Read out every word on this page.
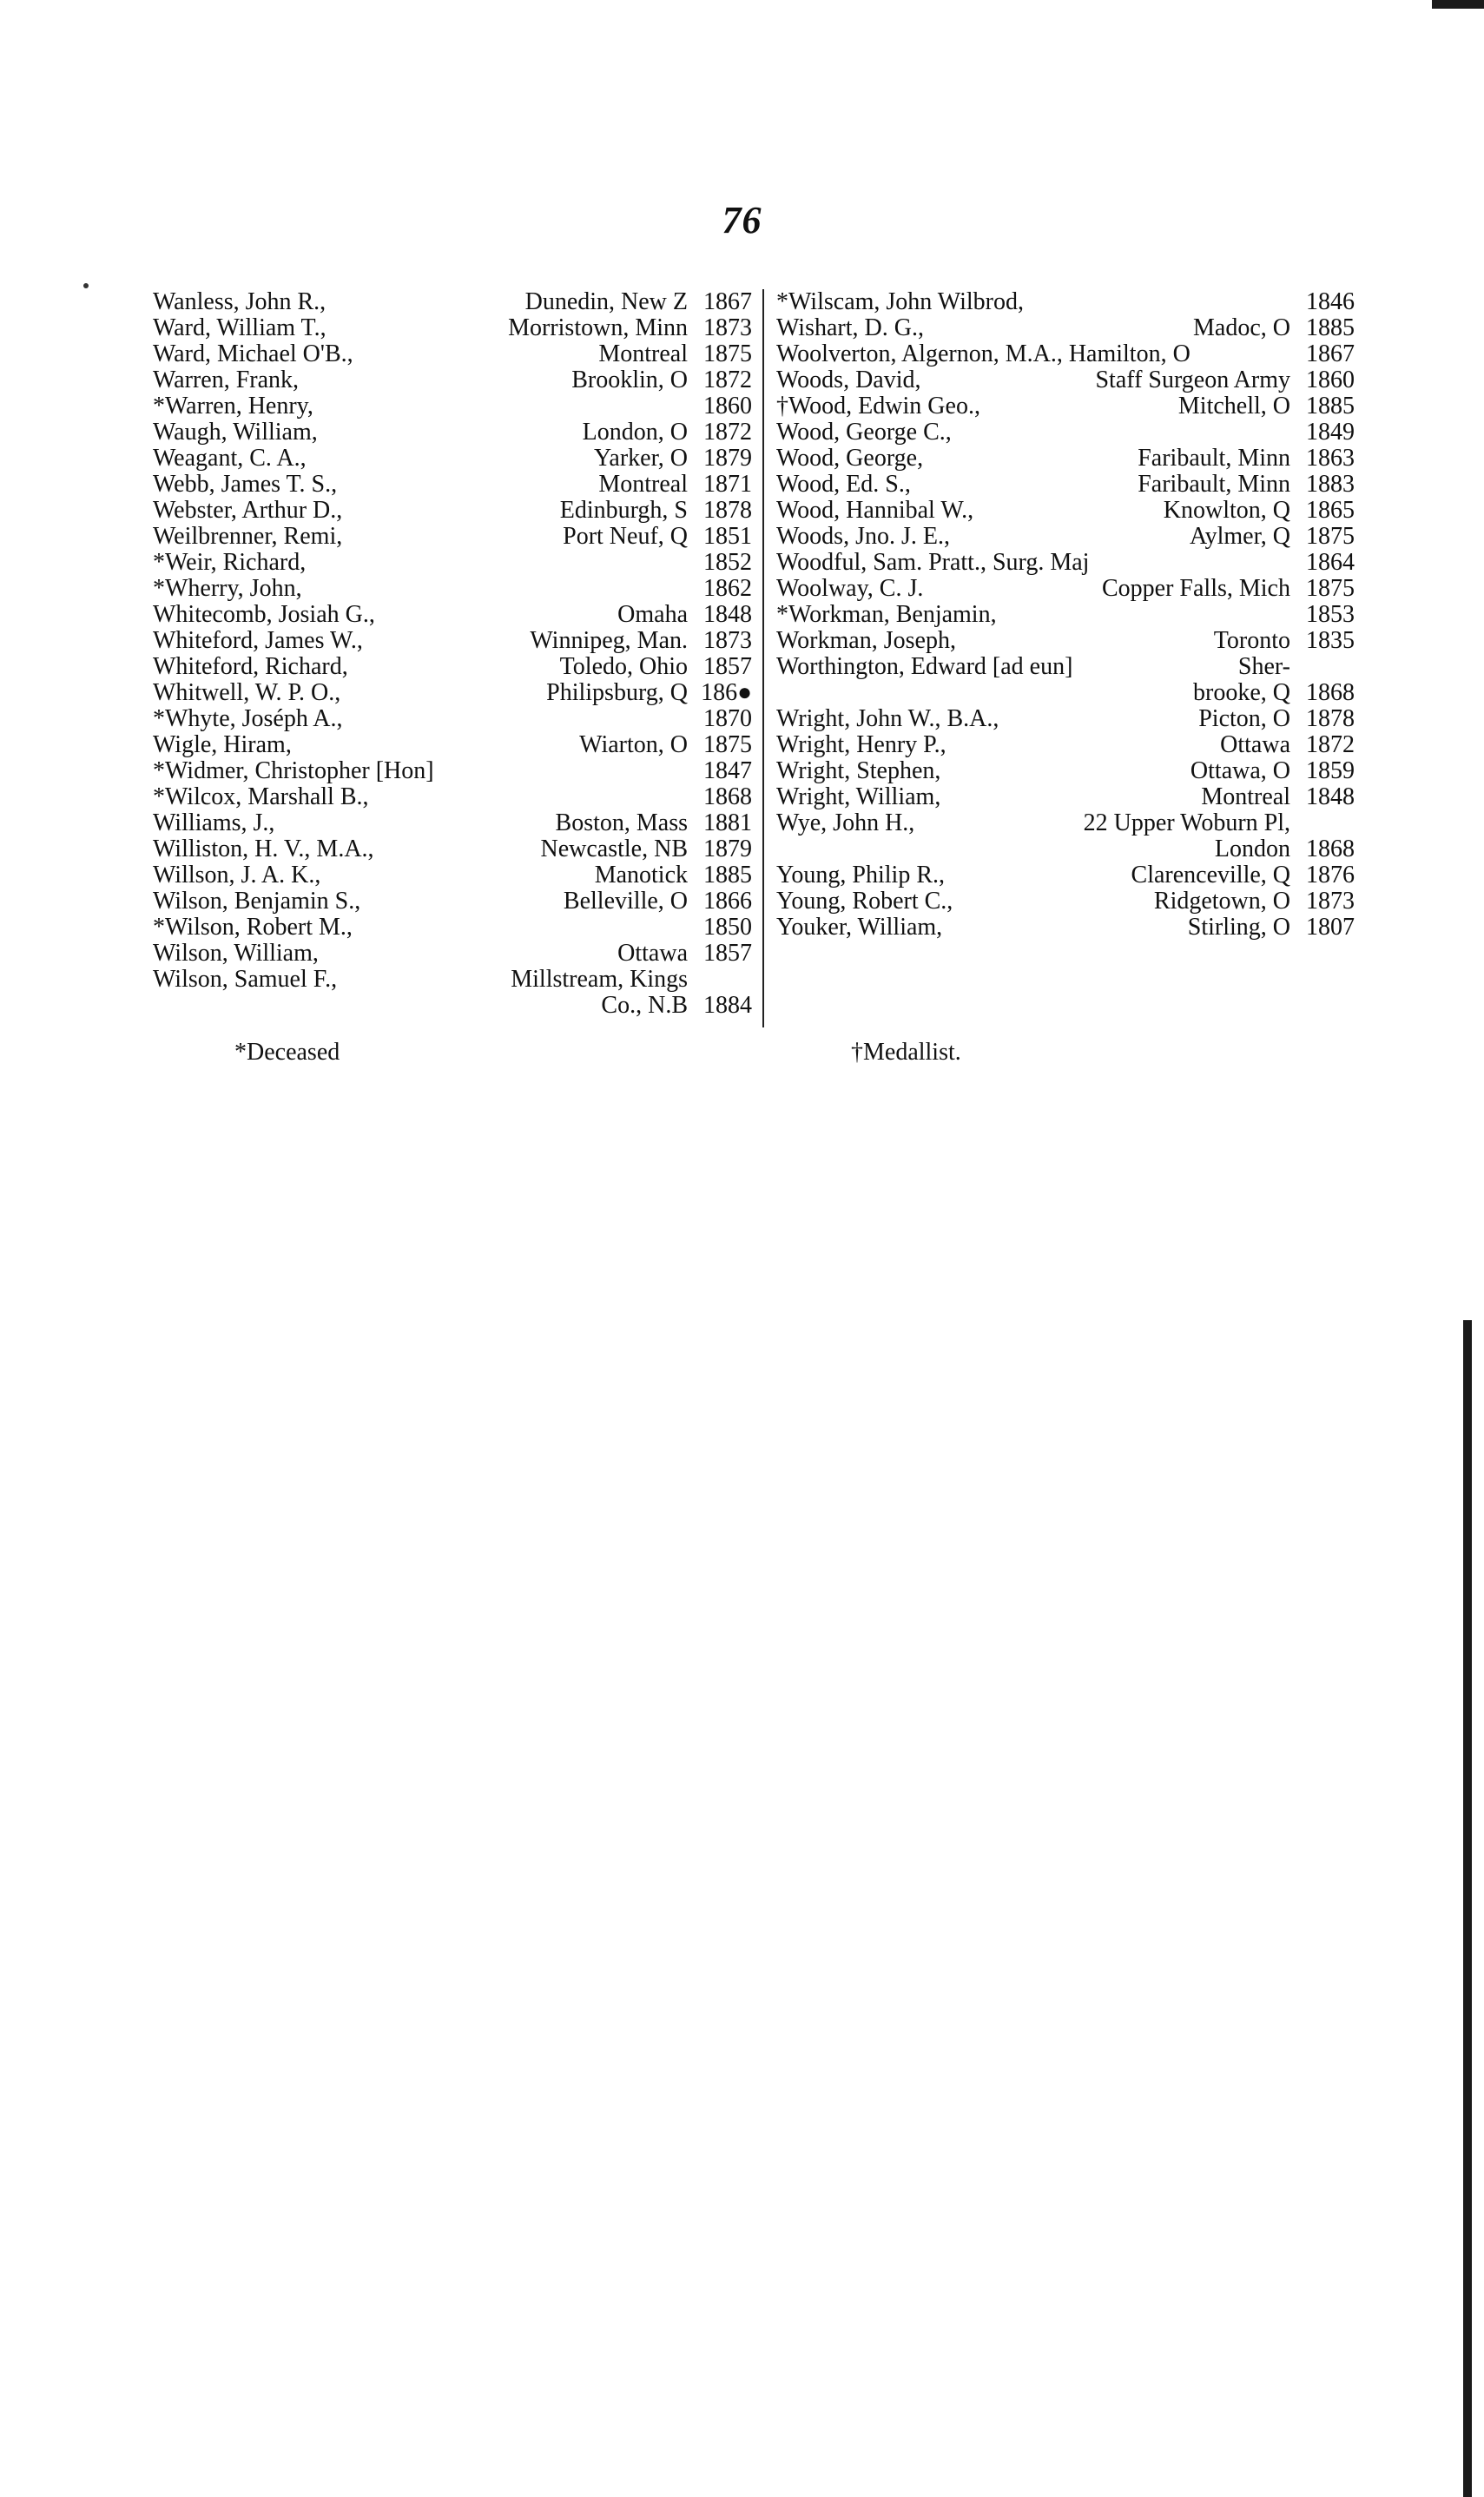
76
Wanless, John R.,	Dunedin, New Z 1867
Ward, William T.,	Morristown, Minn 1873
Ward, Michael O'B.,	Montreal 1875
Warren, Frank,	Brooklin, O 1872
*Warren, Henry,	1860
Waugh, William,	London, O 1872
Weagant, C. A.,	Yarker, O 1879
Webb, James T. S.,	Montreal 1871
Webster, Arthur D.,	Edinburgh, S 1878
Weilbrenner, Remi,	Port Neuf, Q 1851
*Weir, Richard,	1852
*Wherry, John,	1862
Whitecomb, Josiah G.,	Omaha 1848
Whiteford, James W.,	Winnipeg, Man. 1873
Whiteford, Richard,	Toledo, Ohio 1857
Whitwell, W. P. O.,	Philipsburg, Q 186●
*Whyte, Joséph A.,	1870
Wigle, Hiram,	Wiarton, O 1875
*Widmer, Christopher [Hon]	1847
*Wilcox, Marshall B.,	1868
Williams, J.,	Boston, Mass 1881
Williston, H. V., M.A.,	Newcastle, NB 1879
Willson, J. A. K.,	Manotick 1885
Wilson, Benjamin S.,	Belleville, O 1866
*Wilson, Robert M.,	1850
Wilson, William,	Ottawa 1857
Wilson, Samuel F.,	Millstream, Kings
Co., N.B 1884
*Wilscam, John Wilbrod,	1846
Wishart, D. G.,	Madoc, O 1885
Woolverton, Algernon, M.A., Hamilton, O	1867
Woods, David,	Staff Surgeon Army 1860
†Wood, Edwin Geo.,	Mitchell, O 1885
Wood, George C.,	1849
Wood, George,	Faribault, Minn 1863
Wood, Ed. S.,	Faribault, Minn 1883
Wood, Hannibal W.,	Knowlton, Q 1865
Woods, Jno. J. E.,	Aylmer, Q 1875
Woodful, Sam. Pratt., Surg. Maj	1864
Woolway, C. J.	Copper Falls, Mich 1875
*Workman, Benjamin,	1853
Workman, Joseph,	Toronto 1835
Worthington, Edward [ad eun]	Sher-
brooke, Q 1868
Wright, John W., B.A.,	Picton, O 1878
Wright, Henry P.,	Ottawa 1872
Wright, Stephen,	Ottawa, O 1859
Wright, William,	Montreal 1848
Wye, John H.,	22 Upper Woburn Pl,
London 1868
Young, Philip R.,	Clarenceville, Q 1876
Young, Robert C.,	Ridgetown, O 1873
Youker, William,	Stirling, O 1807
*Deceased	†Medallist.
